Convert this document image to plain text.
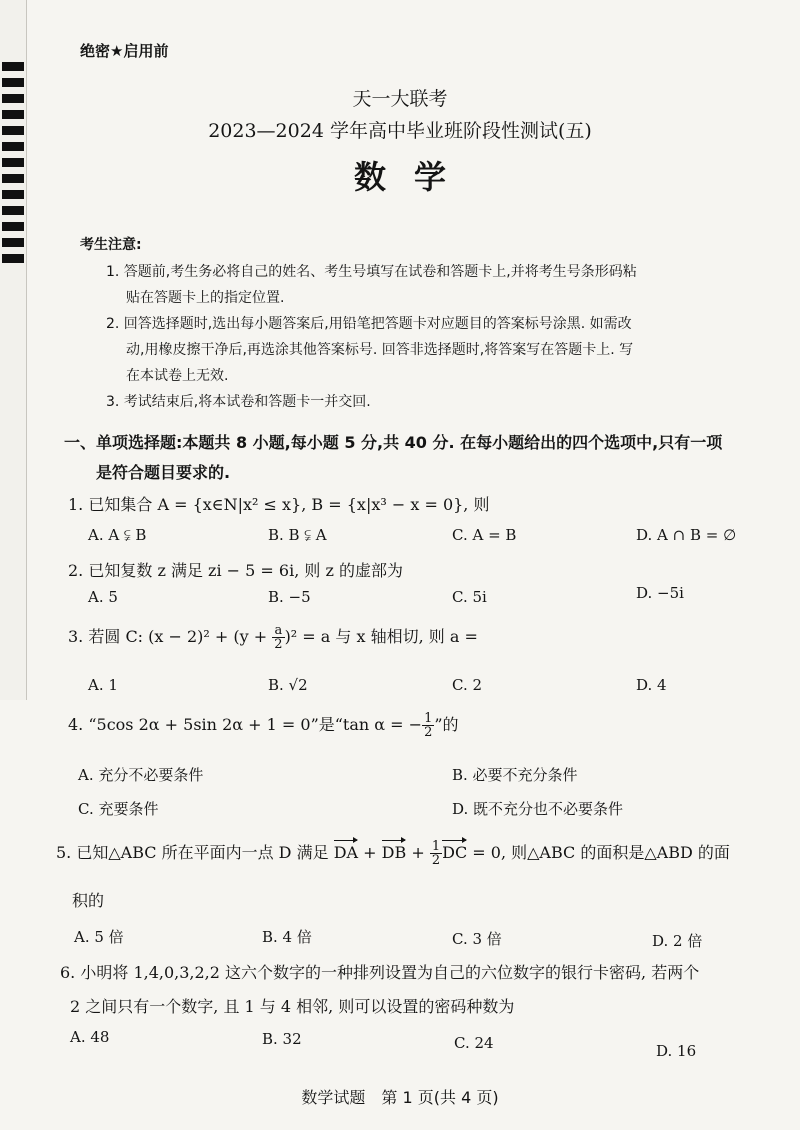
绝密★启用前
天一大联考
2023—2024 学年高中毕业班阶段性测试(五)
数学
考生注意:
1. 答题前,考生务必将自己的姓名、考生号填写在试卷和答题卡上,并将考生号条形码粘
贴在答题卡上的指定位置.
2. 回答选择题时,选出每小题答案后,用铅笔把答题卡对应题目的答案标号涂黑. 如需改
动,用橡皮擦干净后,再选涂其他答案标号. 回答非选择题时,将答案写在答题卡上. 写
在本试卷上无效.
3. 考试结束后,将本试卷和答题卡一并交回.
一、单项选择题:本题共 8 小题,每小题 5 分,共 40 分. 在每小题给出的四个选项中,只有一项
是符合题目要求的.
1. 已知集合 A = {x∈N|x² ≤ x}, B = {x|x³ − x = 0}, 则
A. A ⫋ B	B. B ⫋ A	C. A = B	D. A ∩ B = ∅
2. 已知复数 z 满足 zi − 5 = 6i, 则 z 的虚部为
A. 5	B. −5	C. 5i	D. −5i
3. 若圆 C: $(x - 2)^2 + (y + \frac{a}{2} )^2 = a$ 与 x 轴相切, 则 a =
A. 1	B. √2	C. 2	D. 4
4. “5cos 2α + 5sin 2α + 1 = 0”是“tan α = − $\frac{1}{2}$ ”的
A. 充分不必要条件	B. 必要不充分条件
C. 充要条件	D. 既不充分也不必要条件
5. 已知△ABC 所在平面内一点 D 满足 DA + DB + $\frac{1}{2}$ DC = 0, 则△ABC 的面积是△ABD 的面
积的
A. 5 倍	B. 4 倍	C. 3 倍	D. 2 倍
6. 小明将 1,4,0,3,2,2 这六个数字的一种排列设置为自己的六位数字的银行卡密码, 若两个
2 之间只有一个数字, 且 1 与 4 相邻, 则可以设置的密码种数为
A. 48	B. 32	C. 24	D. 16
数学试题　第 1 页(共 4 页)
